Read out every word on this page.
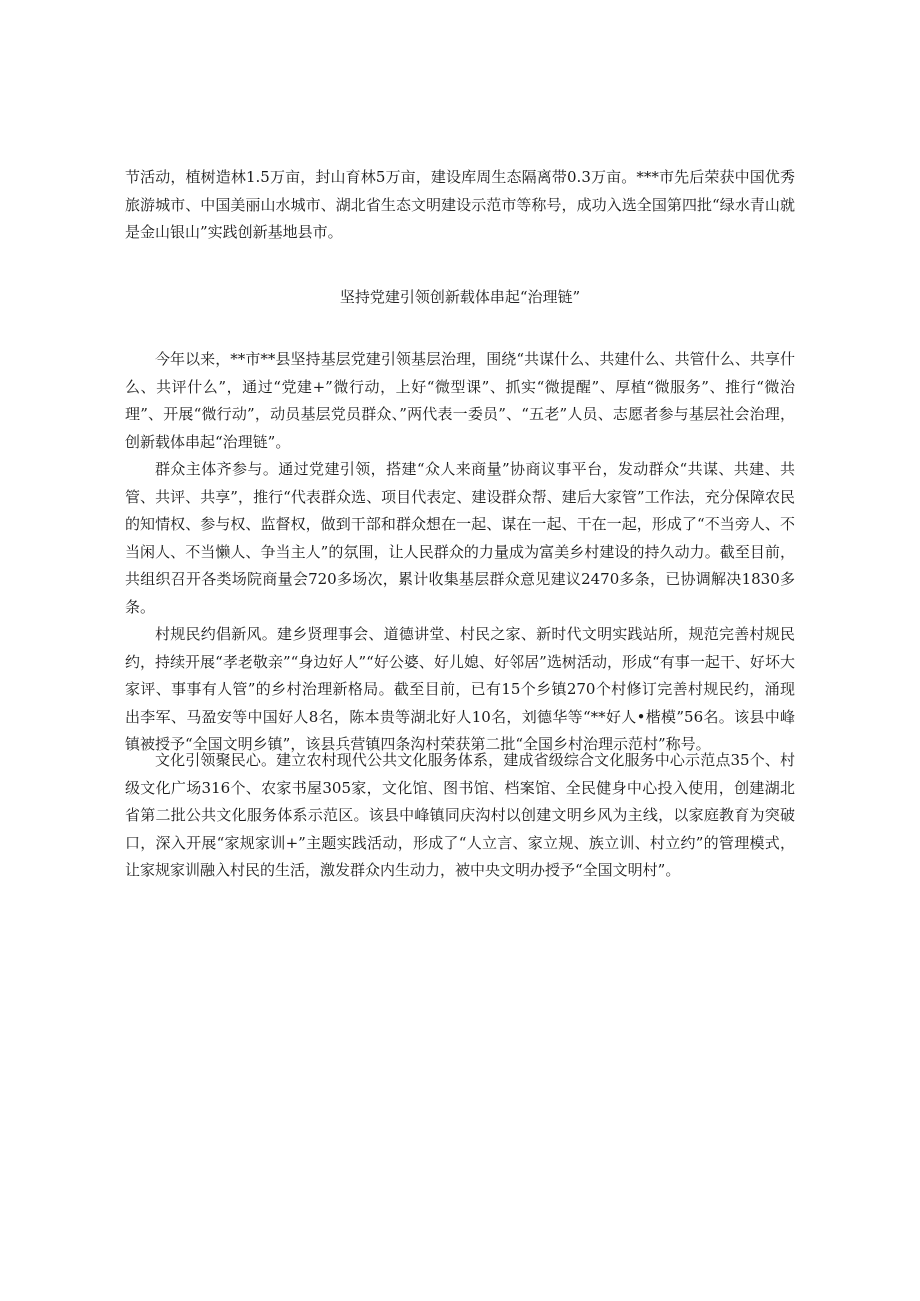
节活动，植树造林1.5万亩，封山育林5万亩，建设库周生态隔离带0.3万亩。***市先后荣获中国优秀旅游城市、中国美丽山水城市、湖北省生态文明建设示范市等称号，成功入选全国第四批“绿水青山就是金山银山”实践创新基地县市。

坚持党建引领创新载体串起“治理链”

今年以来，**市**县坚持基层党建引领基层治理，围绕“共谋什么、共建什么、共管什么、共享什么、共评什么”，通过“党建+”微行动，上好“微型课”、抓实“微提醒”、厚植“微服务”、推行“微治理”、开展“微行动”，动员基层党员群众、”两代表一委员”、“五老”人员、志愿者参与基层社会治理，创新载体串起“治理链”。

群众主体齐参与。通过党建引领，搭建“众人来商量”协商议事平台，发动群众“共谋、共建、共管、共评、共享”，推行“代表群众选、项目代表定、建设群众帮、建后大家管”工作法，充分保障农民的知情权、参与权、监督权，做到干部和群众想在一起、谋在一起、干在一起，形成了“不当旁人、不当闲人、不当懒人、争当主人”的氛围，让人民群众的力量成为富美乡村建设的持久动力。截至目前，共组织召开各类场院商量会720多场次，累计收集基层群众意见建议2470多条，已协调解决1830多条。

村规民约倡新风。建乡贤理事会、道德讲堂、村民之家、新时代文明实践站所，规范完善村规民约，持续开展“孝老敬亲”“身边好人”“好公婆、好儿媳、好邻居”选树活动，形成“有事一起干、好坏大家评、事事有人管”的乡村治理新格局。截至目前，已有15个乡镇270个村修订完善村规民约，涌现出李军、马盈安等中国好人8名，陈本贵等湖北好人10名，刘德华等“**好人•楷模”56名。该县中峰镇被授予“全国文明乡镇”，该县兵营镇四条沟村荣获第二批“全国乡村治理示范村”称号。

文化引领聚民心。建立农村现代公共文化服务体系，建成省级综合文化服务中心示范点35个、村级文化广场316个、农家书屋305家，文化馆、图书馆、档案馆、全民健身中心投入使用，创建湖北省第二批公共文化服务体系示范区。该县中峰镇同庆沟村以创建文明乡风为主线，以家庭教育为突破口，深入开展“家规家训+”主题实践活动，形成了“人立言、家立规、族立训、村立约”的管理模式，让家规家训融入村民的生活，激发群众内生动力，被中央文明办授予“全国文明村”。
